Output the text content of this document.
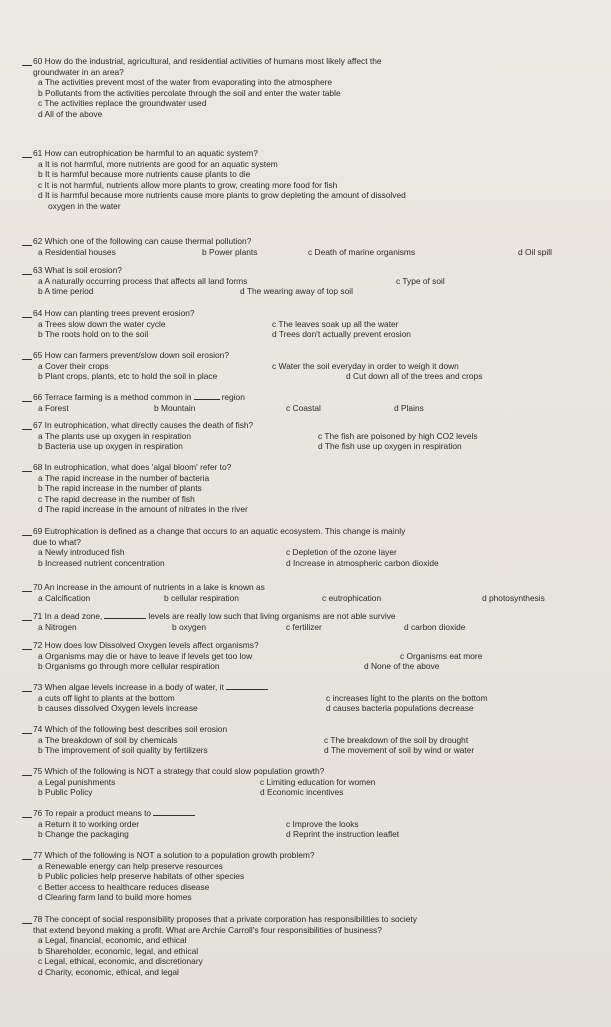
60 How do the industrial, agricultural, and residential activities of humans most likely affect the
groundwater in an area?
a The activities prevent most of the water from evaporating into the atmosphere
b Pollutants from the activities percolate through the soil and enter the water table
c The activities replace the groundwater used
d All of the above
61 How can eutrophication be harmful to an aquatic system?
a It is not harmful, more nutrients are good for an aquatic system
b It is harmful because more nutrients cause plants to die
c It is not harmful, nutrients allow more plants to grow, creating more food for fish
d It is harmful because more nutrients cause more plants to grow depleting the amount of dissolved
oxygen in the water
62 Which one of the following can cause thermal pollution?
a Residential houses	b Power plants	c Death of marine organisms	d Oil spill
63 What is soil erosion?
a A naturally occurring process that affects all land forms	c Type of soil
b A time period	d The wearing away of top soil
64 How can planting trees prevent erosion?
a Trees slow down the water cycle	c The leaves soak up all the water
b The roots hold on to the soil	d Trees don't actually prevent erosion
65 How can farmers prevent/slow down soil erosion?
a Cover their crops	c Water the soil everyday in order to weigh it down
b Plant crops, plants, etc to hold the soil in place	d Cut down all of the trees and crops
66 Terrace farming is a method common in	region
a Forest	b Mountain	c Coastal	d Plains
67 In eutrophication, what directly causes the death of fish?
a The plants use up oxygen in respiration	c The fish are poisoned by high CO2 levels
b Bacteria use up oxygen in respiration	d The fish use up oxygen in respiration
68 In eutrophication, what does 'algal bloom' refer to?
a The rapid increase in the number of bacteria
b The rapid increase in the number of plants
c The rapid decrease in the number of fish
d The rapid increase in the amount of nitrates in the river
69 Eutrophication is defined as a change that occurs to an aquatic ecosystem. This change is mainly
due to what?
a Newly introduced fish	c Depletion of the ozone layer
b Increased nutrient concentration	d Increase in atmospheric carbon dioxide
70 An increase in the amount of nutrients in a lake is known as
a Calcification	b cellular respiration	c eutrophication	d photosynthesis
71 In a dead zone,	levels are really low such that living organisms are not able survive
a Nitrogen	b oxygen	c fertilizer	d carbon dioxide
72 How does low Dissolved Oxygen levels affect organisms?
a Organisms may die or have to leave if levels get too low	c Organisms eat more
b Organisms go through more cellular respiration	d None of the above
73 When algae levels increase in a body of water, it
a cuts off light to plants at the bottom	c increases light to the plants on the bottom
b causes dissolved Oxygen levels increase	d causes bacteria populations decrease
74 Which of the following best describes soil erosion
a The breakdown of soil by chemicals	c The breakdown of the soil by drought
b The improvement of soil quality by fertilizers	d The movement of soil by wind or water
75 Which of the following is NOT a strategy that could slow population growth?
a Legal punishments	c Limiting education for women
b Public Policy	d Economic incentives
76 To repair a product means to
a Return it to working order	c Improve the looks
b Change the packaging	d Reprint the instruction leaflet
77 Which of the following is NOT a solution to a population growth problem?
a Renewable energy can help preserve resources
b Public policies help preserve habitats of other species
c Better access to healthcare reduces disease
d Clearing farm land to build more homes
78 The concept of social responsibility proposes that a private corporation has responsibilities to society
that extend beyond making a profit. What are Archie Carroll's four responsibilities of business?
a Legal, financial, economic, and ethical
b Shareholder, economic, legal, and ethical
c Legal, ethical, economic, and discretionary
d Charity, economic, ethical, and legal
